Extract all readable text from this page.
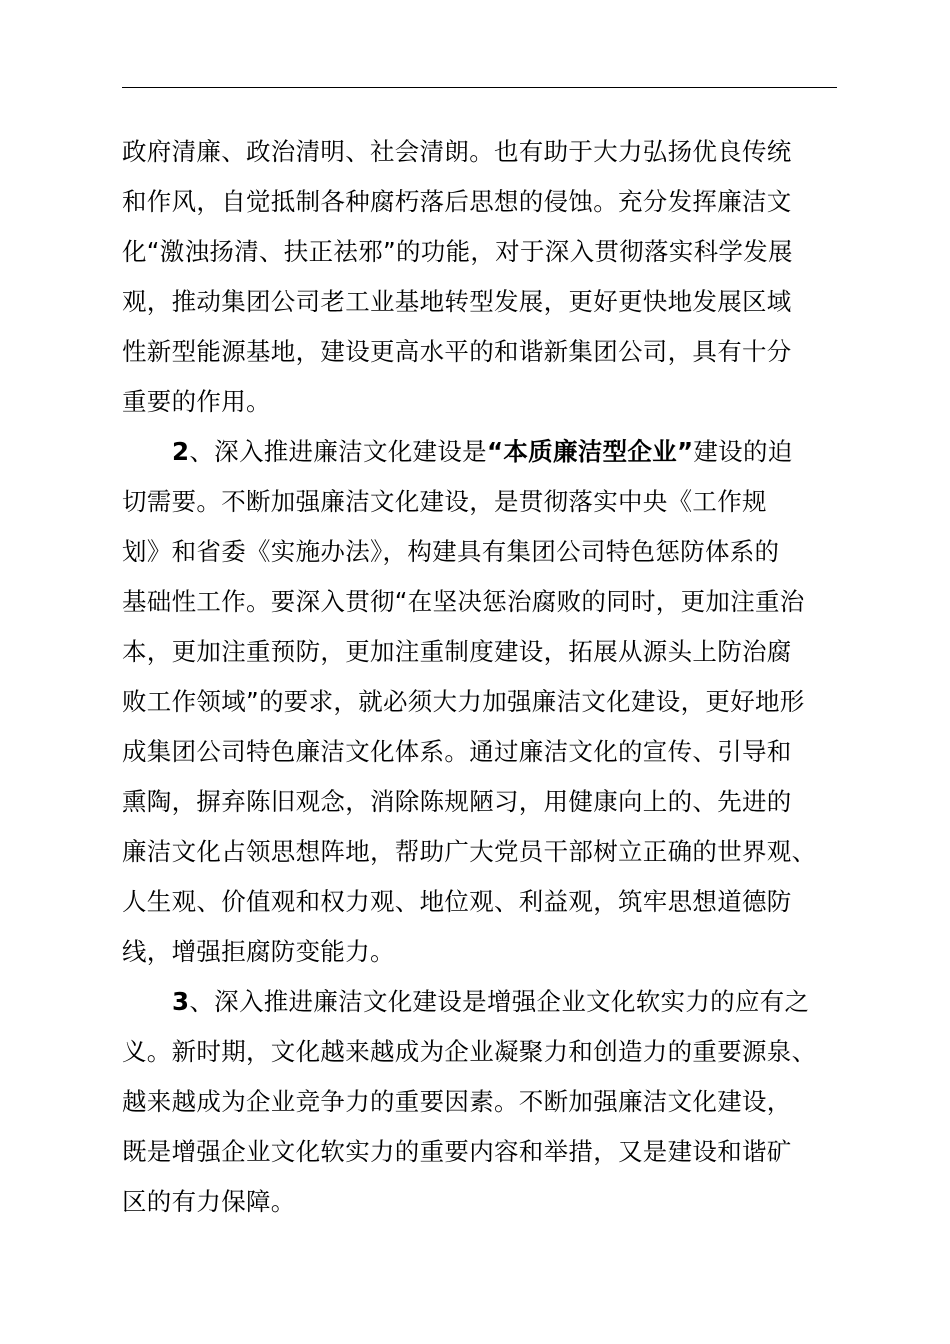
政府清廉、政治清明、社会清朗。也有助于大力弘扬优良传统
和作风，自觉抵制各种腐朽落后思想的侵蚀。充分发挥廉洁文
化“激浊扬清、扶正祛邪”的功能，对于深入贯彻落实科学发展
观，推动集团公司老工业基地转型发展，更好更快地发展区域
性新型能源基地，建设更高水平的和谐新集团公司，具有十分
重要的作用。
2、深入推进廉洁文化建设是“本质廉洁型企业”建设的迫
切需要。不断加强廉洁文化建设，是贯彻落实中央《工作规
划》和省委《实施办法》，构建具有集团公司特色惩防体系的
基础性工作。要深入贯彻“在坚决惩治腐败的同时，更加注重治
本，更加注重预防，更加注重制度建设，拓展从源头上防治腐
败工作领域”的要求，就必须大力加强廉洁文化建设，更好地形
成集团公司特色廉洁文化体系。通过廉洁文化的宣传、引导和
熏陶，摒弃陈旧观念，消除陈规陋习，用健康向上的、先进的
廉洁文化占领思想阵地，帮助广大党员干部树立正确的世界观、
人生观、价值观和权力观、地位观、利益观，筑牢思想道德防
线，增强拒腐防变能力。
3、深入推进廉洁文化建设是增强企业文化软实力的应有之
义。新时期，文化越来越成为企业凝聚力和创造力的重要源泉、
越来越成为企业竞争力的重要因素。不断加强廉洁文化建设，
既是增强企业文化软实力的重要内容和举措，又是建设和谐矿
区的有力保障。
